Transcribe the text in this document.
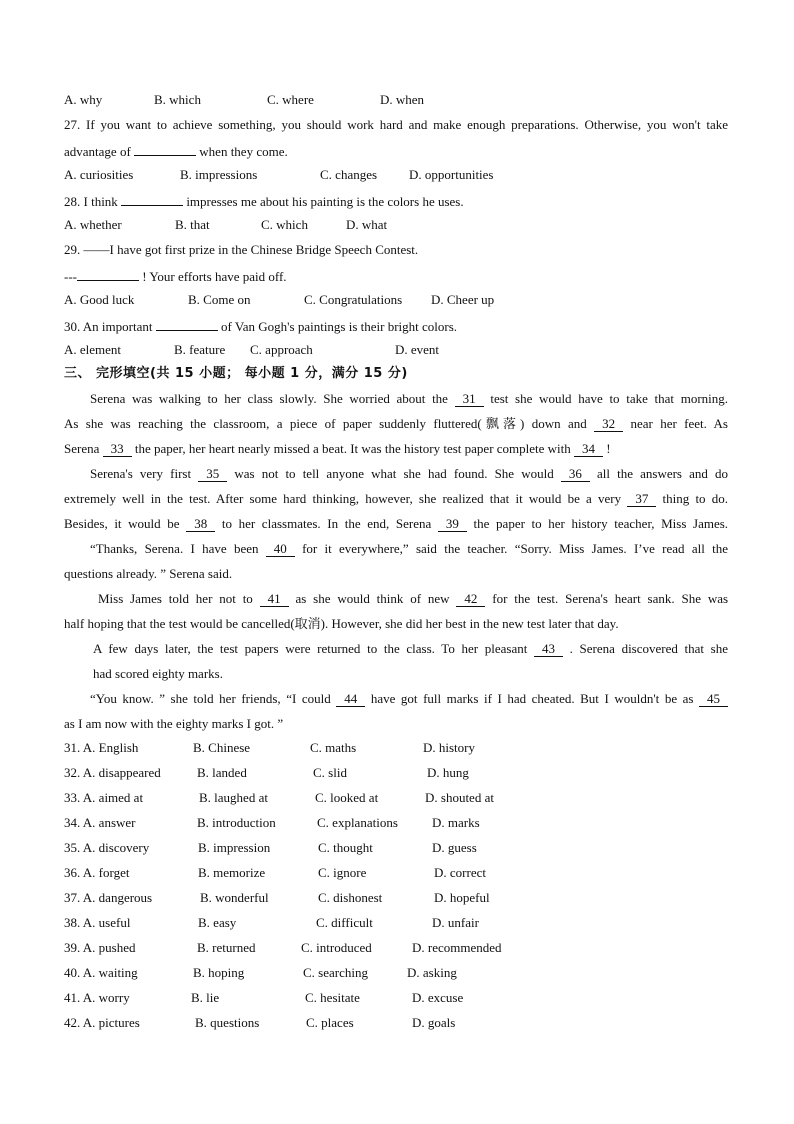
A. why	B. which	C. where	D. when
27. If you want to achieve something, you should work hard and make enough preparations. Otherwise, you won't take
advantage of	when they come.
A. curiosities	B. impressions	C. changes D. opportunities
28. I think	impresses me about his painting is the colors he uses.
A. whether	B. that	C. which	D. what
29. ——I have got first prize in the Chinese Bridge Speech Contest.
---	! Your efforts have paid off.
A. Good luck	B. Come on	C. Congratulations D. Cheer up
30. An important	of Van Gogh's paintings is their bright colors.
A. element	B. feature C. approach	D. event
三、 完形填空(共 15 小题； 每小题 1 分，满分 15 分)
Serena was walking to her class slowly. She worried about the 31 test she would have to take that morning.
As she was reaching the classroom, a piece of paper suddenly fluttered(飘落) down and 32 near her feet. As
Serena 33 the paper, her heart nearly missed a beat. It was the history test paper complete with 34 !
Serena's very first 35 was not to tell anyone what she had found. She would 36 all the answers and do
extremely well in the test. After some hard thinking, however, she realized that it would be a very 37 thing to do.
Besides, it would be 38 to her classmates. In the end, Serena 39 the paper to her history teacher, Miss James.
“Thanks, Serena. I have been 40 for it everywhere,” said the teacher. “Sorry. Miss James. I’ve read all the
questions already. ” Serena said.
Miss James told her not to 41 as she would think of new 42 for the test. Serena's heart sank. She was
half hoping that the test would be cancelled(取消). However, she did her best in the new test later that day.
A few days later, the test papers were returned to the class. To her pleasant 43 . Serena discovered that she
had scored eighty marks.
“You know. ” she told her friends, “I could 44 have got full marks if I had cheated. But I wouldn't be as 45
as I am now with the eighty marks I got. ”
31. A. English	B. Chinese	C. maths	D. history
32. A. disappeared	B. landed	C. slid	D. hung
33. A. aimed at	B. laughed at	C. looked at	D. shouted at
34. A. answer	B. introduction	C. explanations	D. marks
35. A. discovery	B. impression	C. thought	D. guess
36. A. forget	B. memorize	C. ignore	D. correct
37. A. dangerous	B. wonderful	C. dishonest	D. hopeful
38. A. useful	B. easy	C. difficult	D. unfair
39. A. pushed	B. returned	C. introduced	D. recommended
40. A. waiting	B. hoping	C. searching	D. asking
41. A. worry	B. lie	C. hesitate	D. excuse
42. A. pictures	B. questions	C. places	D. goals
